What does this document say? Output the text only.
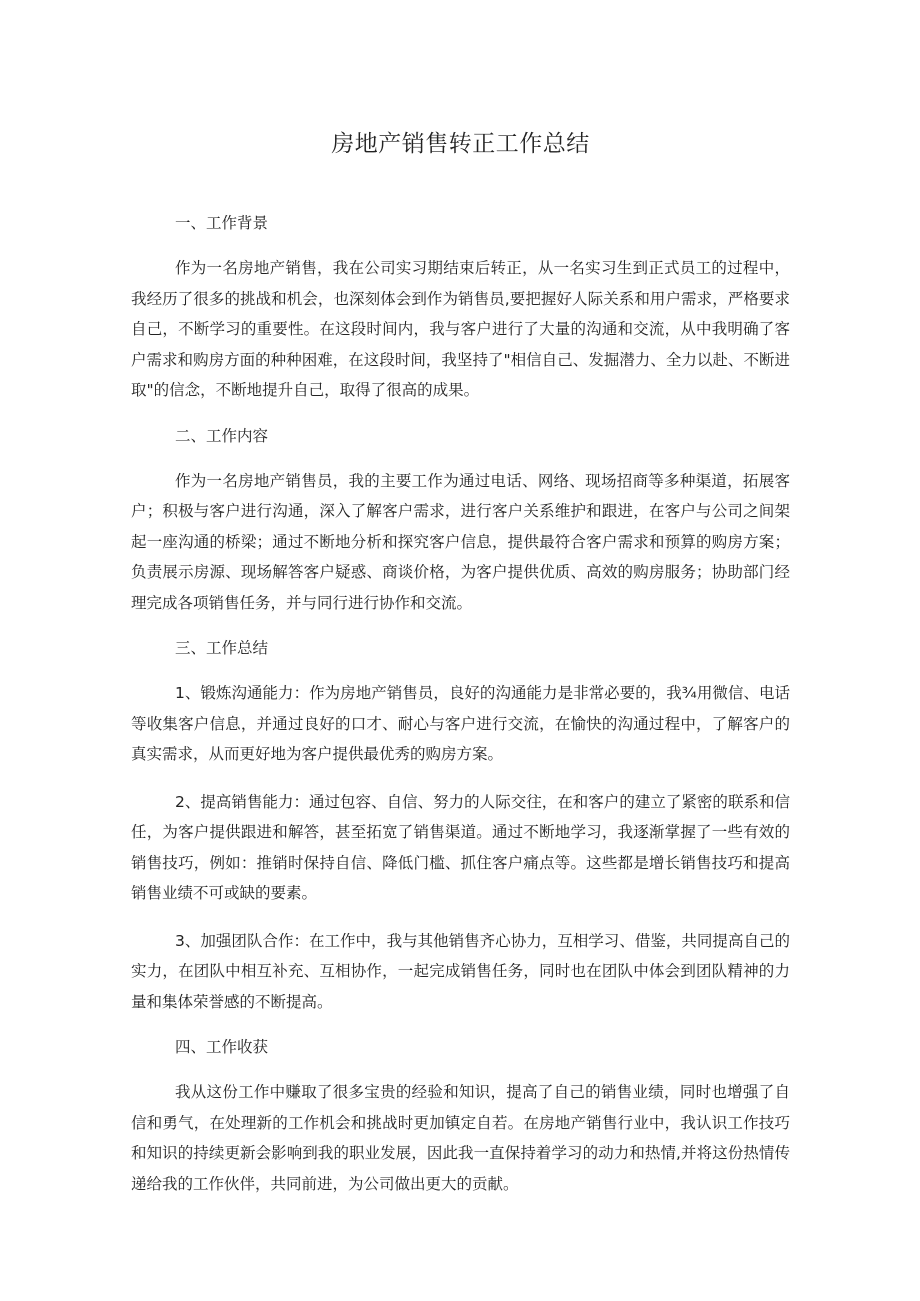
房地产销售转正工作总结

一、工作背景

作为一名房地产销售，我在公司实习期结束后转正，从一名实习生到正式员工的过程中，我经历了很多的挑战和机会，也深刻体会到作为销售员,要把握好人际关系和用户需求，严格要求自己，不断学习的重要性。在这段时间内，我与客户进行了大量的沟通和交流，从中我明确了客户需求和购房方面的种种困难，在这段时间，我坚持了"相信自己、发掘潜力、全力以赴、不断进取"的信念，不断地提升自己，取得了很高的成果。

二、工作内容

作为一名房地产销售员，我的主要工作为通过电话、网络、现场招商等多种渠道，拓展客户；积极与客户进行沟通，深入了解客户需求，进行客户关系维护和跟进，在客户与公司之间架起一座沟通的桥梁；通过不断地分析和探究客户信息，提供最符合客户需求和预算的购房方案；负责展示房源、现场解答客户疑惑、商谈价格，为客户提供优质、高效的购房服务；协助部门经理完成各项销售任务，并与同行进行协作和交流。

三、工作总结

1、锻炼沟通能力：作为房地产销售员，良好的沟通能力是非常必要的，我¾用微信、电话等收集客户信息，并通过良好的口才、耐心与客户进行交流，在愉快的沟通过程中，了解客户的真实需求，从而更好地为客户提供最优秀的购房方案。

2、提高销售能力：通过包容、自信、努力的人际交往，在和客户的建立了紧密的联系和信任，为客户提供跟进和解答，甚至拓宽了销售渠道。通过不断地学习，我逐渐掌握了一些有效的销售技巧，例如：推销时保持自信、降低门槛、抓住客户痛点等。这些都是增长销售技巧和提高销售业绩不可或缺的要素。

3、加强团队合作：在工作中，我与其他销售齐心协力，互相学习、借鉴，共同提高自己的实力，在团队中相互补充、互相协作，一起完成销售任务，同时也在团队中体会到团队精神的力量和集体荣誉感的不断提高。

四、工作收获

我从这份工作中赚取了很多宝贵的经验和知识，提高了自己的销售业绩，同时也增强了自信和勇气，在处理新的工作机会和挑战时更加镇定自若。在房地产销售行业中，我认识工作技巧和知识的持续更新会影响到我的职业发展，因此我一直保持着学习的动力和热情,并将这份热情传递给我的工作伙伴，共同前进，为公司做出更大的贡献。
